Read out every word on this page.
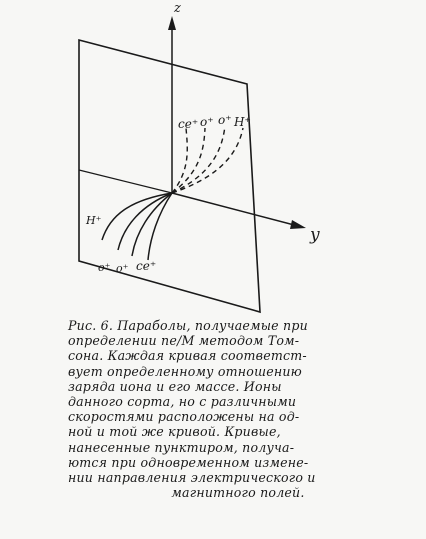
z
y
ce⁺ o⁺ o⁺ H⁺
H⁺
o⁺ o⁺ ce⁺
Рис. 6. Параболы, получаемые при
определении ne/M методом Том-
сона. Каждая кривая соответст-
вует определенному отношению
заряда иона и его массе. Ионы
данного сорта, но с различными
скоростями расположены на од-
ной и той же кривой. Кривые,
нанесенные пунктиром, получа-
ются при одновременном измене-
нии направления электрического и
магнитного полей.
